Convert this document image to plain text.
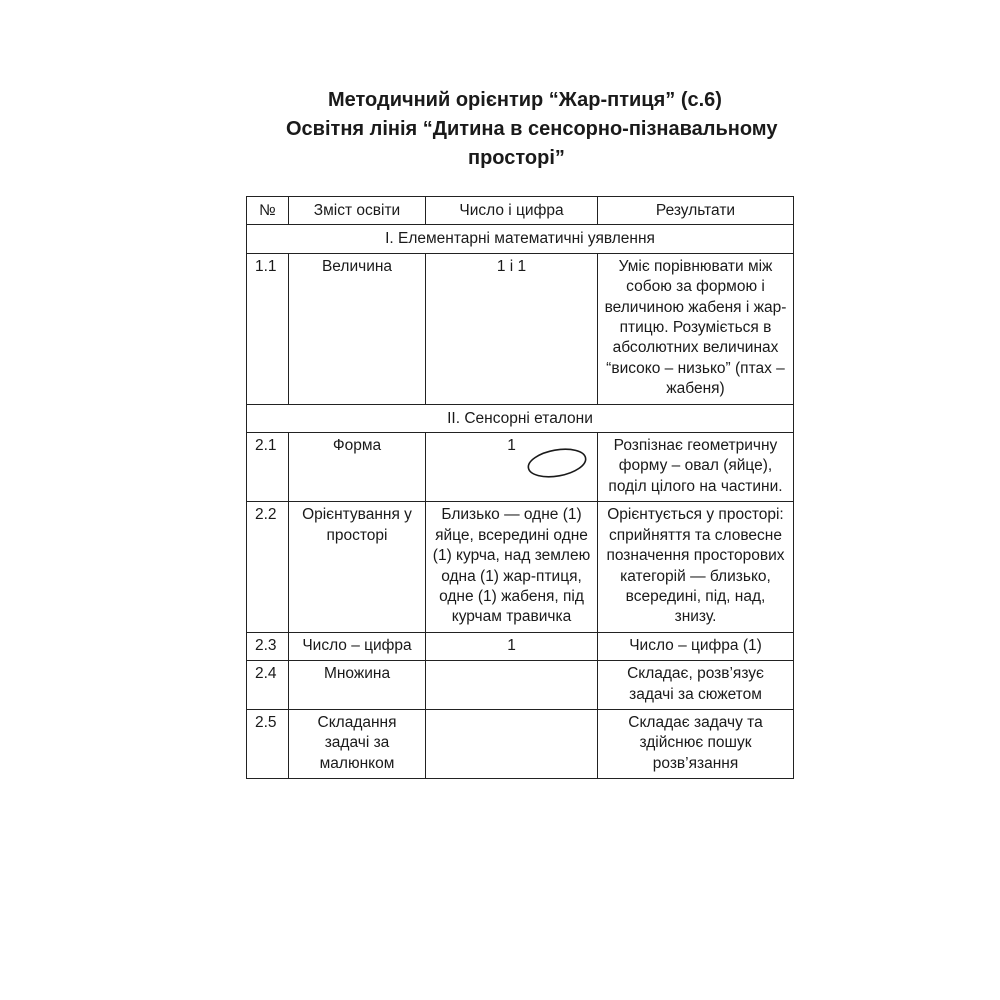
Методичний орієнтир “Жар-птиця” (с.6)
Освітня лінія “Дитина в сенсорно-пізнавальному
просторі”
№	Зміст освіти	Число і цифра	Результати
І. Елементарні математичні уявлення			
1.1	Величина	1 і 1	Уміє порівнювати між собою за формою і величиною жабеня і жар-птицю. Розуміється в абсолютних величинах “високо – низько” (птах – жабеня)
ІІ. Сенсорні еталони			
2.1	Форма	1	Розпізнає геометричну форму – овал (яйце), поділ цілого на частини.
2.2	Орієнтування у просторі	Близько — одне (1) яйце, всередині одне (1) курча, над землею одна (1) жар-птиця, одне (1) жабеня, під курчам травичка	Орієнтується у просторі: сприйняття та словесне позначення просторових категорій — близько, всередині, під, над, знизу.
2.3	Число – цифра	1	Число – цифра (1)
2.4	Множина		Складає, розв’язує задачі за сюжетом
2.5	Складання задачі за малюнком		Складає задачу та здійснює пошук розв’язання
